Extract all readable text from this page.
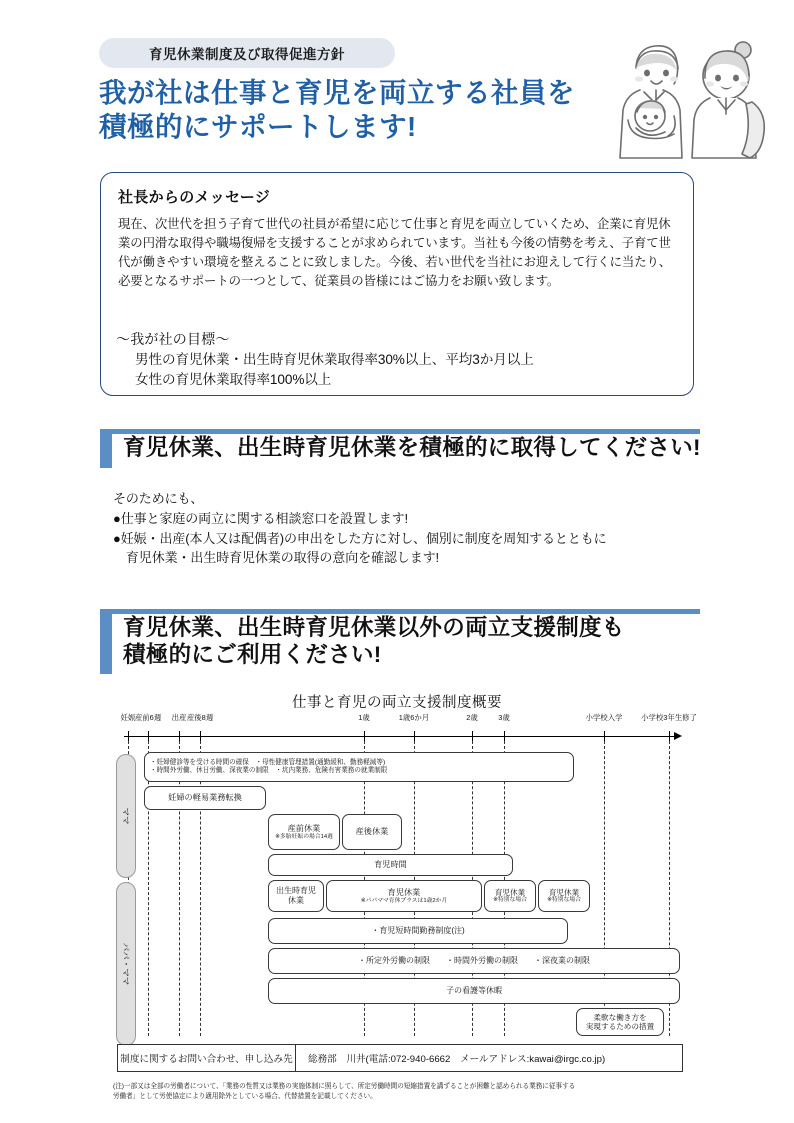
育児休業制度及び取得促進方針
我が社は仕事と育児を両立する社員を
積極的にサポートします!
社長からのメッセージ
現在、次世代を担う子育て世代の社員が希望に応じて仕事と育児を両立していくため、企業に育児休業の円滑な取得や職場復帰を支援することが求められています。当社も今後の情勢を考え、子育て世代が働きやすい環境を整えることに致しました。今後、若い世代を当社にお迎えして行くに当たり、必要となるサポートの一つとして、従業員の皆様にはご協力をお願い致します。
〜我が社の目標〜
男性の育児休業・出生時育児休業取得率30%以上、平均3か月以上
女性の育児休業取得率100%以上
育児休業、出生時育児休業を積極的に取得してください!
そのためにも、
●仕事と家庭の両立に関する相談窓口を設置します!
●妊娠・出産(本人又は配偶者)の申出をした方に対し、個別に制度を周知するとともに
　育児休業・出生時育児休業の取得の意向を確認します!
育児休業、出生時育児休業以外の両立支援制度も
積極的にご利用ください!
仕事と育児の両立支援制度概要
妊娠 産前6週 出産 産後8週	1歳	1歳6か月	2歳	3歳	小学校入学	小学校3年生修了
ママ
パパ・ママ
・妊婦健診等を受ける時間の確保　・母性健康管理措置(通勤緩和、勤務軽減等)
・時間外労働、休日労働、深夜業の制限　・坑内業務、危険有害業務の就業制限
妊婦の軽易業務転換
産前休業
※多胎妊娠の場合14週
産後休業
育児時間
出生時育児
休業
育児休業
※パパママ育休プラスは1歳2か月
育児休業
※特別な場合
育児休業
※特別な場合
・育児短時間勤務制度(注)
・所定外労働の制限　　・時間外労働の制限　　・深夜業の制限
子の看護等休暇
柔軟な働き方を
実現するための措置
制度に関するお問い合わせ、申し込み先	総務部　川井(電話:072-940-6662　メールアドレス:kawai@irgc.co.jp)
(注)一部又は全部の労働者について、「業務の性質又は業務の実施体制に照らして、所定労働時間の短縮措置を講ずることが困難と認められる業務に従事する
労働者」として労使協定により適用除外としている場合、代替措置を記載してください。
